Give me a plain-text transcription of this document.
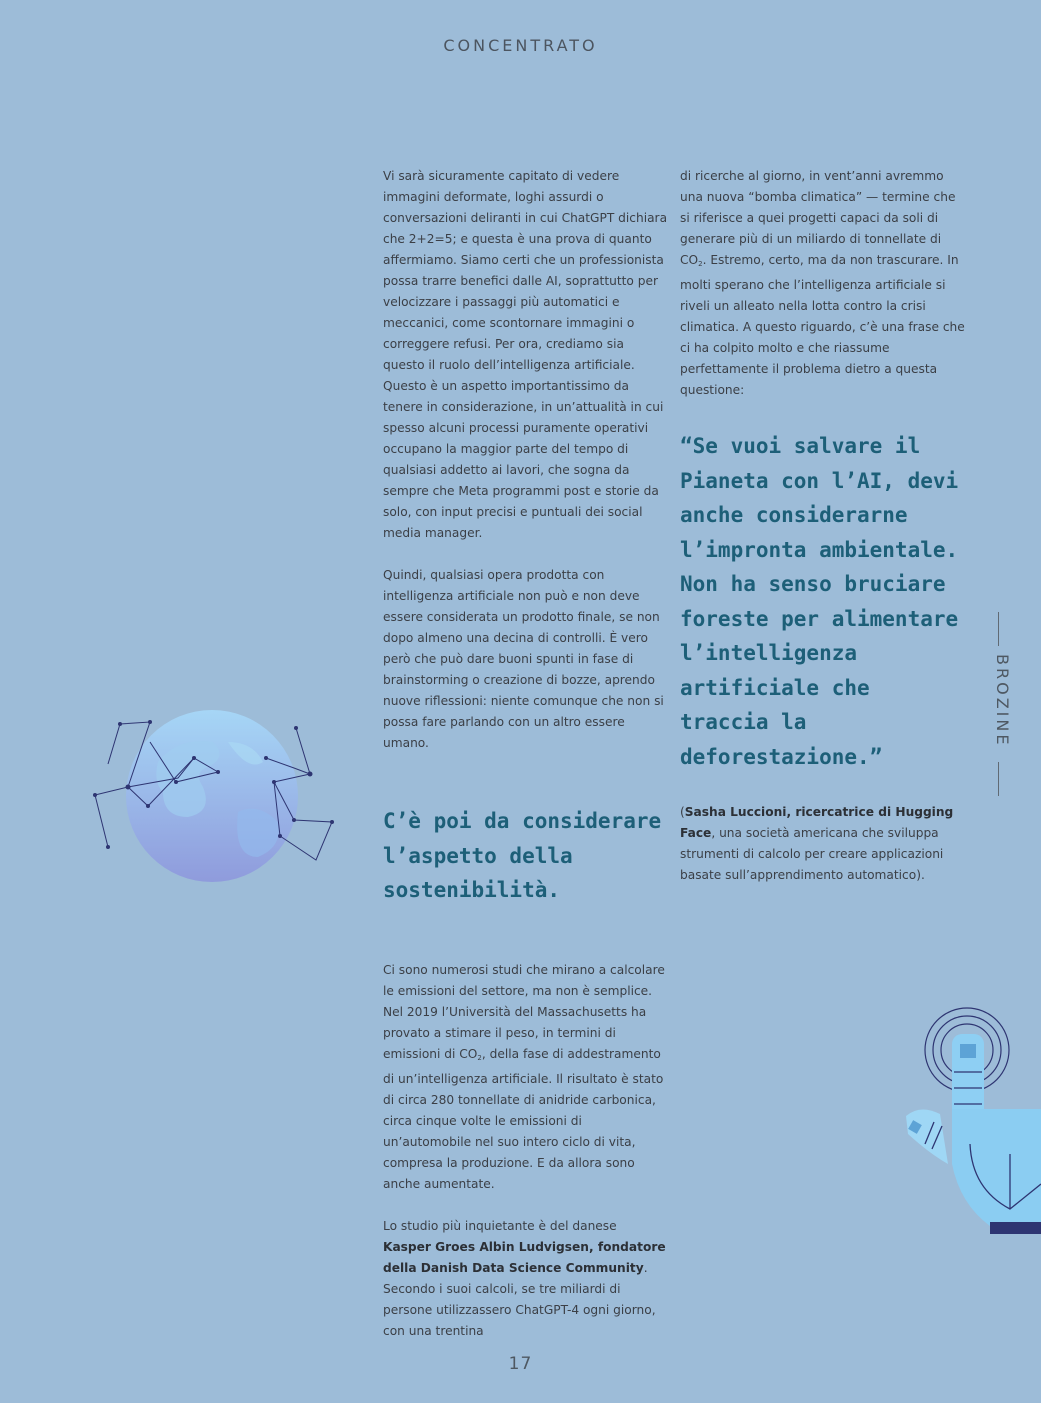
CONCENTRATO

Vi sarà sicuramente capitato di vedere immagini deformate, loghi assurdi o conversazioni deliranti in cui ChatGPT dichiara che 2+2=5; e questa è una prova di quanto affermiamo. Siamo certi che un professionista possa trarre benefici dalle AI, soprattutto per velocizzare i passaggi più automatici e meccanici, come scontornare immagini o correggere refusi. Per ora, crediamo sia questo il ruolo dell’intelligenza artificiale. Questo è un aspetto importantissimo da tenere in considerazione, in un’attualità in cui spesso alcuni processi puramente operativi occupano la maggior parte del tempo di qualsiasi addetto ai lavori, che sogna da sempre che Meta programmi post e storie da solo, con input precisi e puntuali dei social media manager.

Quindi, qualsiasi opera prodotta con intelligenza artificiale non può e non deve essere considerata un prodotto finale, se non dopo almeno una decina di controlli. È vero però che può dare buoni spunti in fase di brainstorming o creazione di bozze, aprendo nuove riflessioni: niente comunque che non si possa fare parlando con un altro essere umano.

C’è poi da considerare l’aspetto della sostenibilità.

Ci sono numerosi studi che mirano a calcolare le emissioni del settore, ma non è semplice. Nel 2019 l’Università del Massachusetts ha provato a stimare il peso, in termini di emissioni di $CO_2$, della fase di addestramento di un’intelligenza artificiale. Il risultato è stato di circa 280 tonnellate di anidride carbonica, circa cinque volte le emissioni di un’automobile nel suo intero ciclo di vita, compresa la produzione. E da allora sono anche aumentate.

Lo studio più inquietante è del danese Kasper Groes Albin Ludvigsen, fondatore della Danish Data Science Community. Secondo i suoi calcoli, se tre miliardi di persone utilizzassero ChatGPT-4 ogni giorno, con una trentina

di ricerche al giorno, in vent’anni avremmo una nuova “bomba climatica” — termine che si riferisce a quei progetti capaci da soli di generare più di un miliardo di tonnellate di $CO_2$. Estremo, certo, ma da non trascurare. In molti sperano che l’intelligenza artificiale si riveli un alleato nella lotta contro la crisi climatica. A questo riguardo, c’è una frase che ci ha colpito molto e che riassume perfettamente il problema dietro a questa questione:

“Se vuoi salvare il Pianeta con l’AI, devi anche considerarne l’impronta ambientale.
Non ha senso bruciare foreste per alimentare l’intelligenza artificiale che traccia la deforestazione.”

(Sasha Luccioni, ricercatrice di Hugging Face, una società americana che sviluppa strumenti di calcolo per creare applicazioni basate sull’apprendimento automatico).

BROZINE
17
